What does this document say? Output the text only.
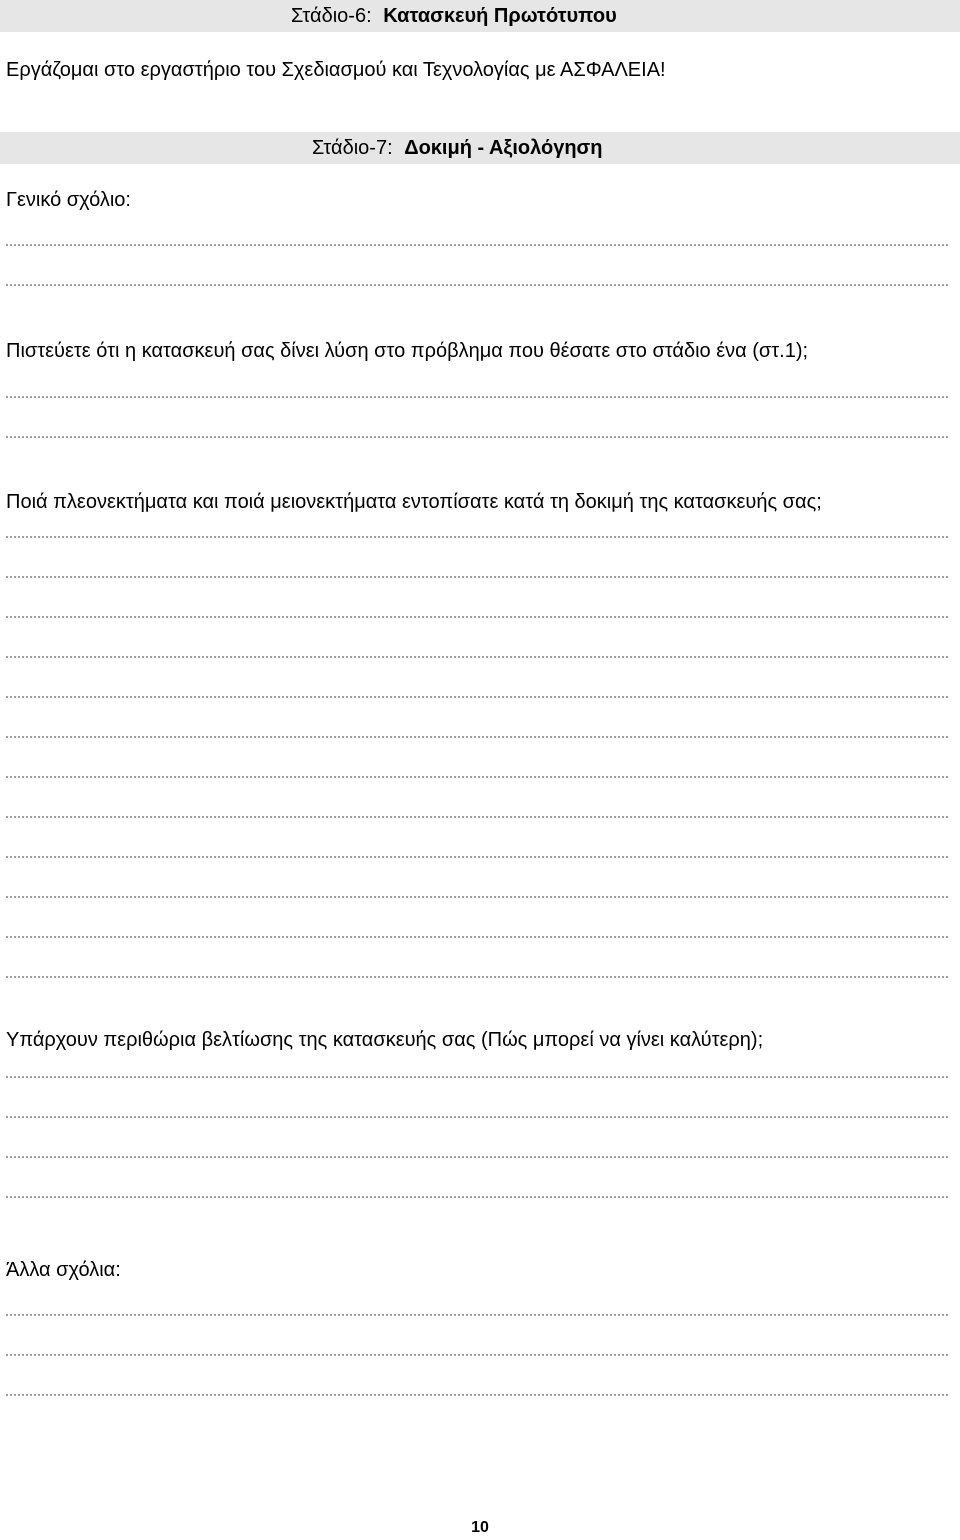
Στάδιο-6: Κατασκευή Πρωτότυπου
Εργάζομαι στο εργαστήριο του Σχεδιασμού και Τεχνολογίας με ΑΣΦΑΛΕΙΑ!
Στάδιο-7: Δοκιμή - Αξιολόγηση
Γενικό σχόλιο:
Πιστεύετε ότι η κατασκευή σας δίνει λύση στο πρόβλημα που θέσατε στο στάδιο ένα (στ.1);
Ποιά πλεονεκτήματα και ποιά μειονεκτήματα εντοπίσατε κατά τη δοκιμή της κατασκευής σας;
Υπάρχουν περιθώρια βελτίωσης της κατασκευής σας (Πώς μπορεί να γίνει καλύτερη);
Άλλα σχόλια:
10
